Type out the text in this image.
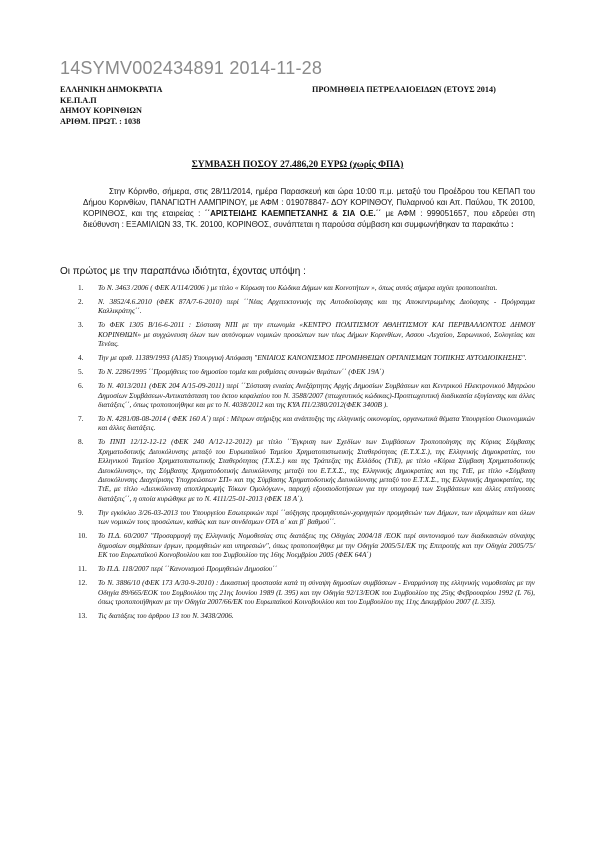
14SYMV002434891 2014-11-28
ΕΛΛΗΝΙΚΗ ΔΗΜΟΚΡΑΤΙΑ
ΚΕ.Π.Α.Π
ΔΗΜΟΥ ΚΟΡΙΝΘΙΩΝ
ΑΡΙΘΜ. ΠΡΩΤ. : 1038
ΠΡΟΜΗΘΕΙΑ ΠΕΤΡΕΛΑΙΟΕΙΔΩΝ (ΕΤΟΥΣ 2014)
ΣΥΜΒΑΣΗ ΠΟΣΟΥ 27.486,20 ΕΥΡΩ (χωρίς ΦΠΑ)
Στην Κόρινθο, σήμερα, στις 28/11/2014, ημέρα Παρασκευή και ώρα 10:00 π.μ. μεταξύ του Προέδρου του ΚΕΠΑΠ του Δήμου Κορινθίων, ΠΑΝΑΓΙΩΤΗ ΛΑΜΠΡΙΝΟΥ, με ΑΦΜ : 019078847- ΔΟΥ ΚΟΡΙΝΘΟΥ, Πυλαρινού και Απ. Παύλου, ΤΚ 20100, ΚΟΡΙΝΘΟΣ, και της εταιρείας : ΄΄ΑΡΙΣΤΕΙΔΗΣ ΚΑΕΜΠΕΤΣΑΝΗΣ & ΣΙΑ Ο.Ε.΄΄ με ΑΦΜ : 999051657, που εδρεύει στη διεύθυνση : ΕΞΑΜΙΛΙΩΝ 33, ΤΚ. 20100, ΚΟΡΙΝΘΟΣ, συνάπτεται η παρούσα σύμβαση και συμφωνήθηκαν τα παρακάτω :
Οι πρώτος με την παραπάνω ιδιότητα, έχοντας υπόψη :
1. Το Ν. 3463 /2006 ( ΦΕΚ Α/114/2006 ) με τίτλο « Κύρωση του Κώδικα Δήμων και Κοινοτήτων », όπως αυτός σήμερα ισχύει τροποποιείται.
2. Ν. 3852/4.6.2010 (ΦΕΚ 87Α/7-6-2010) περί ΄΄Νέας Αρχιτεκτονικής της Αυτοδιοίκησης και της Αποκεντρωμένης Διοίκησης - Πρόγραμμα Καλλικράτης΄΄.
3. Το ΦΕΚ 1305 Β/16-6-2011 : Σύσταση ΝΠΙ με την επωνυμία «ΚΕΝΤΡΟ ΠΟΛΙΤΙΣΜΟΥ ΑΘΛΗΤΙΣΜΟΥ ΚΑΙ ΠΕΡΙΒΑΛΛΟΝΤΟΣ ΔΗΜΟΥ ΚΟΡΙΝΘΙΩΝ» με συγχώνευση όλων των αυτόνομων νομικών προσώπων των τέως Δήμων Κορινθίων, Ασσου -Λεχαίου, Σαρωνικού, Σολυγείας και Τενέας.
4. Την με αριθ. 11389/1993 (Α185) Υπουργική Απόφαση "ΕΝΙΑΙΟΣ ΚΑΝΟΝΙΣΜΟΣ ΠΡΟΜΗΘΕΙΩΝ ΟΡΓΑΝΙΣΜΩΝ ΤΟΠΙΚΗΣ ΑΥΤΟΔΙΟΙΚΗΣΗΣ".
5. Το Ν. 2286/1995 ΄΄Προμήθειες του δημοσίου τομέα και ρυθμίσεις συναφών θεμάτων΄΄ (ΦΕΚ 19Α΄)
6. Το Ν. 4013/2011 (ΦΕΚ 204 Α/15-09-2011) περί ΄΄Σύσταση ενιαίας Ανεξάρτητης Αρχής Δημοσίων Συμβάσεων και Κεντρικού Ηλεκτρονικού Μητρώου Δημοσίων Συμβάσεων-Αντικατάσταση του έκτου κεφαλαίου του Ν. 3588/2007 (πτωχευτικός κώδικας)-Προπτωχευτική διαδικασία εξυγίανσης και άλλες διατάξεις΄΄, όπως τροποποιήθηκε και με το Ν. 4038/2012 και της ΚΥΑ Π1/2380/2012(ΦΕΚ 3400Β ).
7. Το Ν. 4281/08-08-2014 ( ΦΕΚ 160 Α΄) περί : Μέτρων στήριξης και ανάπτυξης της ελληνικής οικονομίας, οργανωτικά θέματα Υπουργείου Οικονομικών και άλλες διατάξεις.
8. Το ΠΝΠ 12/12-12-12 (ΦΕΚ 240 Α/12-12-2012) με τίτλο ΄΄Έγκριση των Σχεδίων των Συμβάσεων Τροποποίησης της Κύριας Σύμβασης Χρηματοδοτικής Διευκόλυνσης μεταξύ του Ευρωπαϊκού Ταμείου Χρηματοπιστωτικής Σταθερότητας (Ε.Τ.Χ.Σ.), της Ελληνικής Δημοκρατίας, του Ελληνικού Ταμείου Χρηματοπιστωτικής Σταθερότητας (Τ.Χ.Σ.) και της Τράπεζας της Ελλάδος (ΤτΕ), με τίτλο «Κύρια Σύμβαση Χρηματοδοτικής Διευκόλυνσης», της Σύμβασης Χρηματοδοτικής Διευκόλυνσης μεταξύ του Ε.Τ.Χ.Σ., της Ελληνικής Δημοκρατίας και της ΤτΕ, με τίτλο «Σύμβαση Διευκόλυνσης Διαχείρισης Υποχρεώσεων ΣΠ» και της Σύμβασης Χρηματοδοτικής Διευκόλυνσης μεταξύ του Ε.Τ.Χ.Σ., της Ελληνικής Δημοκρατίας, της ΤτΕ, με τίτλο «Διευκόλυνση αποπληρωμής Τόκων Ομολόγων», παροχή εξουσιοδοτήσεων για την υπογραφή των Συμβάσεων και άλλες επείγουσες διατάξεις΄΄, η οποία κυρώθηκε με το Ν. 4111/25-01-2013 (ΦΕΚ 18 Α΄).
9. Την εγκύκλιο 3/26-03-2013 του Υπουργείου Εσωτερικών περί ΄΄αύξησης προμηθευτών-χορηγητών προμηθειών των Δήμων, των ιδρυμάτων και όλων των νομικών τους προσώπων, καθώς και των συνδέσμων ΟΤΑ α΄ και β΄ βαθμού΄΄.
10. Το Π.Δ. 60/2007 "Προσαρμογή της Ελληνικής Νομοθεσίας στις διατάξεις της Οδηγίας 2004/18 /ΕΟΚ περί συντονισμού των διαδικασιών σύναψης δημοσίων συμβάσεων έργων, προμηθειών και υπηρεσιών", όπως τροποποιήθηκε με την Οδηγία 2005/51/ΕΚ της Επιτροπής και την Οδηγία 2005/75/ΕΚ του Ευρωπαϊκού Κοινοβουλίου και του Συμβουλίου της 16ης Νοεμβρίου 2005 (ΦΕΚ 64Α΄)
11. Το Π.Δ. 118/2007 περί ΄΄Κανονισμού Προμηθειών Δημοσίου΄΄
12. Το Ν. 3886/10 (ΦΕΚ 173 Α/30-9-2010) : Δικαστική προστασία κατά τη σύναψη δημοσίων συμβάσεων - Εναρμόνιση της ελληνικής νομοθεσίας με την Οδηγία 89/665/ΕΟΚ του Συμβουλίου της 21ης Ιουνίου 1989 (L 395) και την Οδηγία 92/13/ΕΟΚ του Συμβουλίου της 25ης Φεβρουαρίου 1992 (L 76), όπως τροποποιήθηκαν με την Οδηγία 2007/66/ΕΚ του Ευρωπαϊκού Κοινοβουλίου και του Συμβουλίου της 11ης Δεκεμβρίου 2007 (L 335).
13. Τις διατάξεις του άρθρου 13 του Ν. 3438/2006.
